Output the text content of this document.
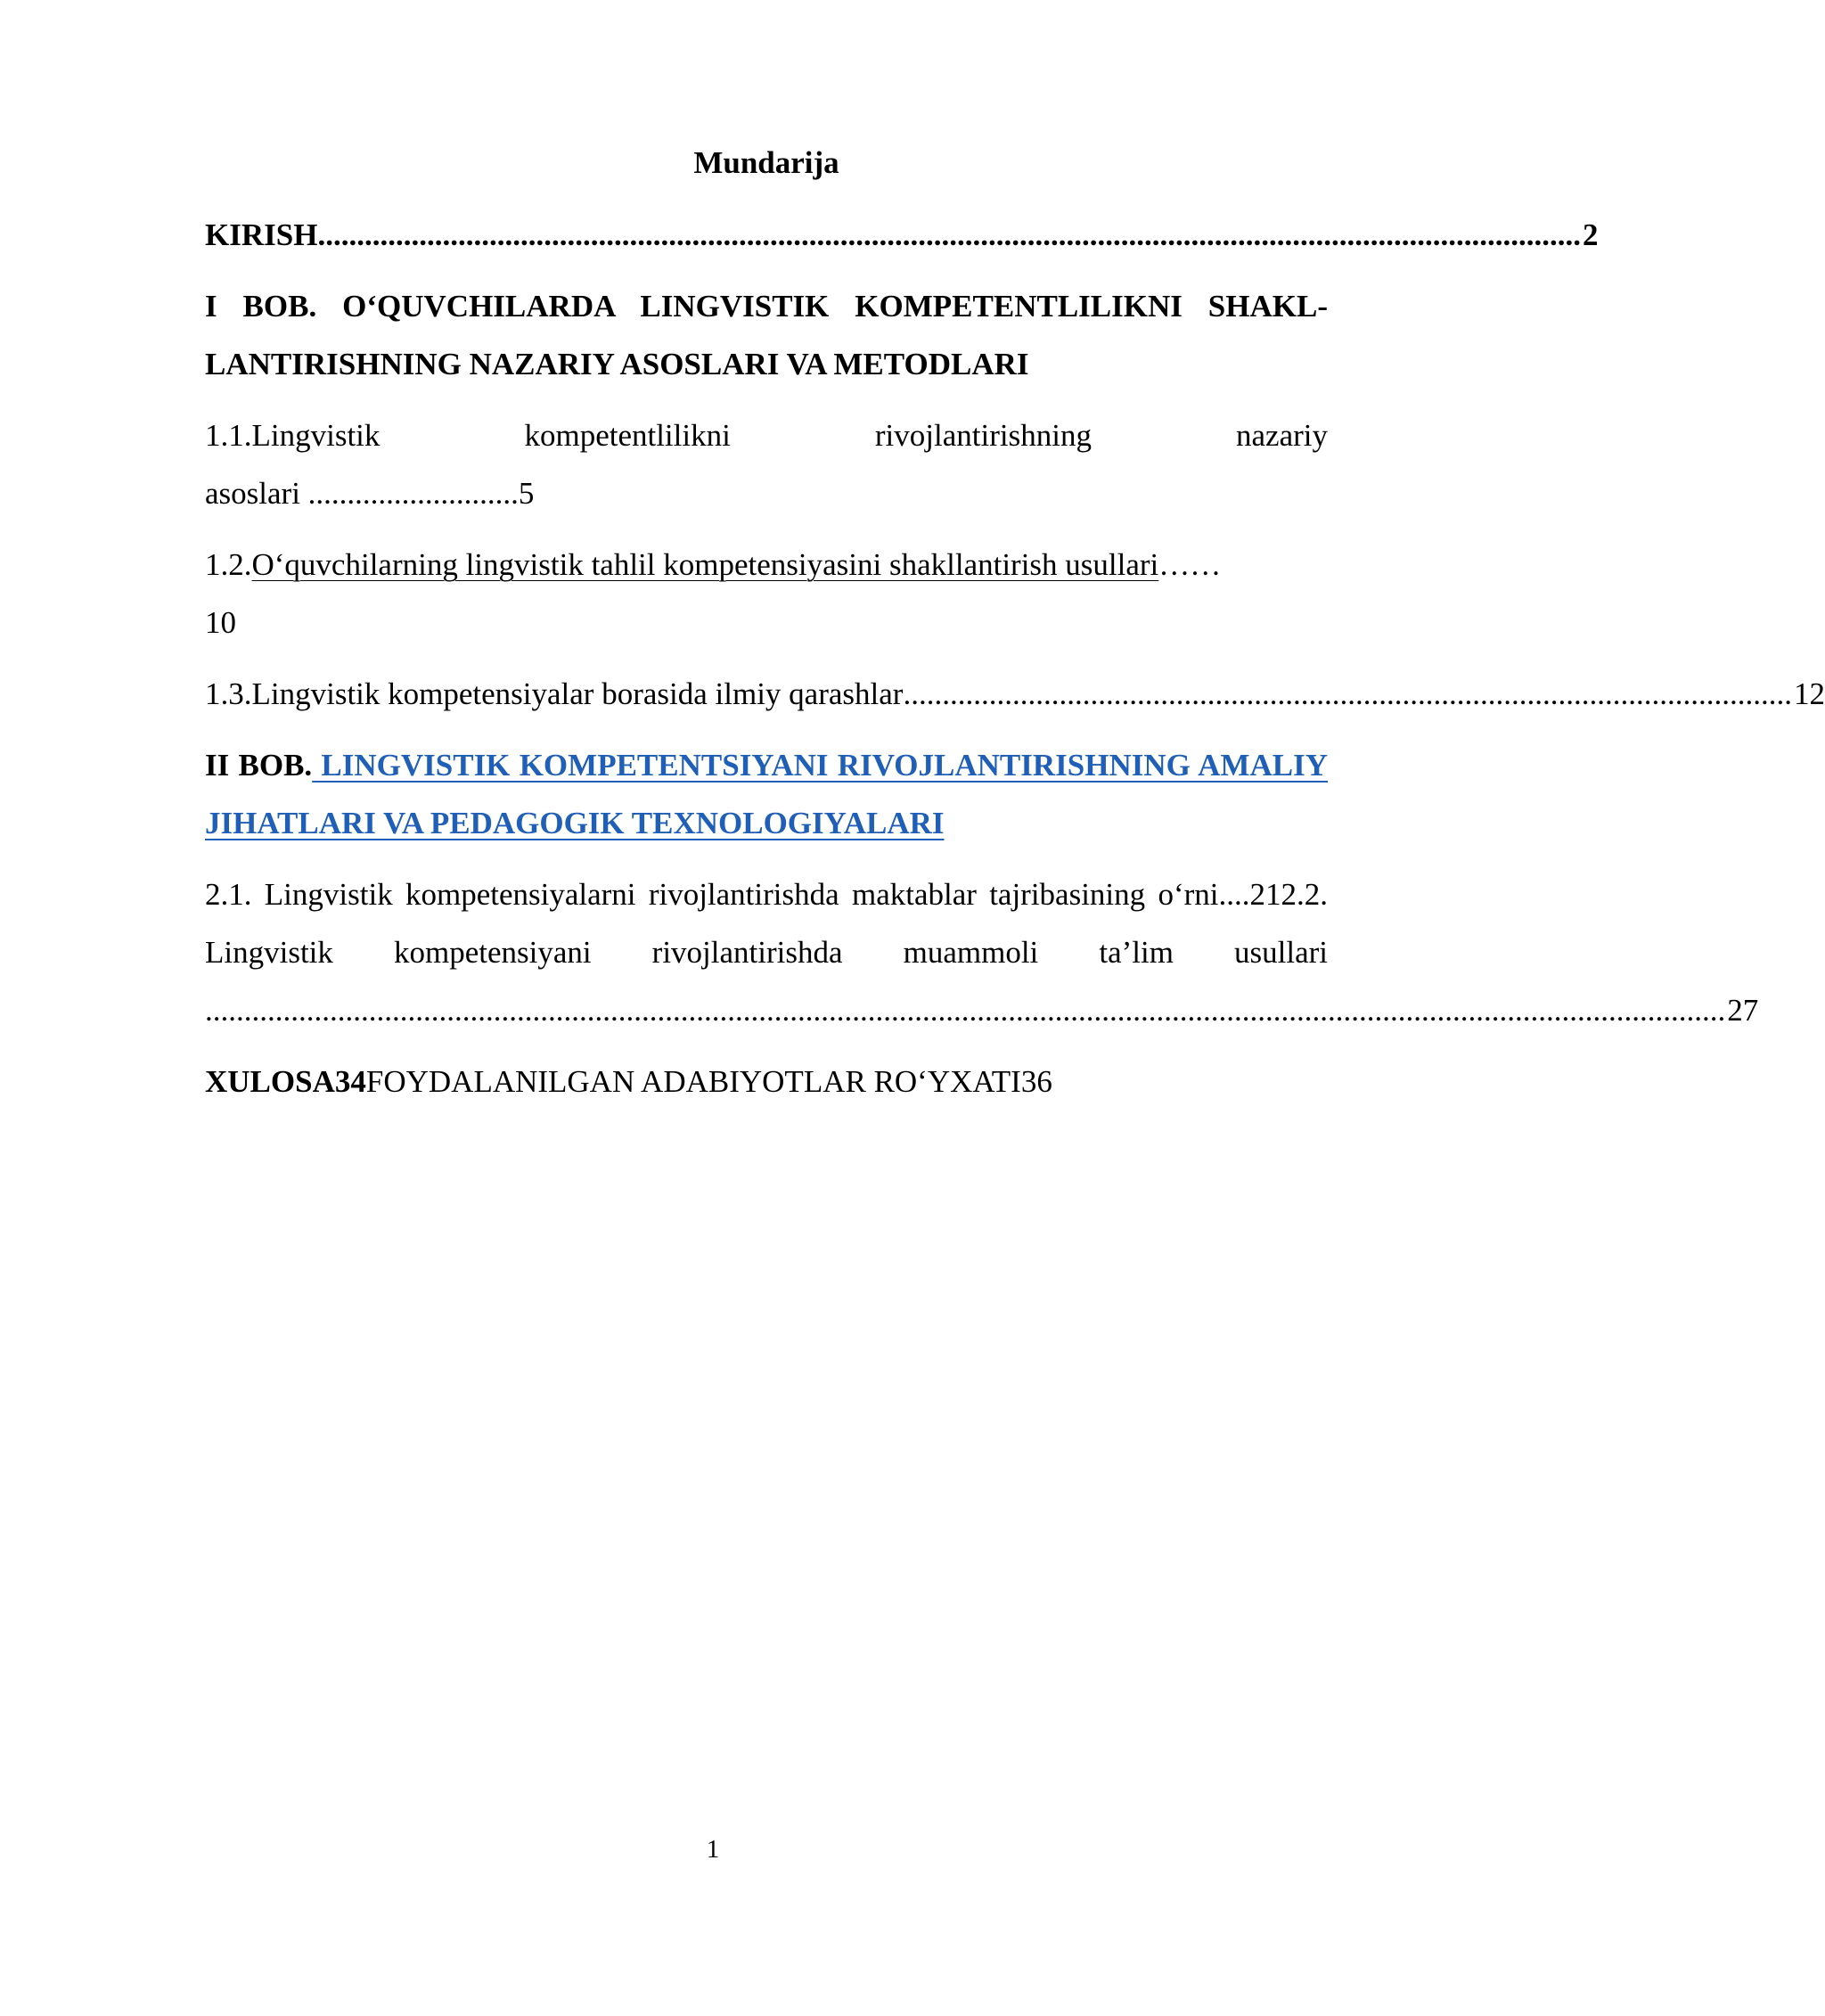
Mundarija
KIRISH .................................................................................................................................................................. 2
I BOB. O‘QUVCHILARDA LINGVISTIK KOMPETENTLILIKNI SHAKL-LANTIRISHNING NAZARIY ASOSLARI VA METODLARI
1.1.Lingvistik kompetentlilikni rivojlantirishning nazariy
asoslari ...........................5
1.2. O‘quvchilarning lingvistik tahlil kompetensiyasini shakllantirish usullari ……
10
1.3.Lingvistik kompetensiyalar borasida ilmiy qarashlar .................................................................................................................. 12
II BOB. LINGVISTIK KOMPETENTSIYANI RIVOJLANTIRISHNING AMALIY JIHATLARI VA PEDAGOGIK TEXNOLOGIYALARI
2.1. Lingvistik kompetensiyalarni rivojlantirishda maktablar tajribasining o‘rni....212.2. Lingvistik kompetensiyani rivojlantirishda muammoli ta’lim usullari
................................................................................................................................................................................................... 27
XULOSA34FOYDALANILGAN ADABIYOTLAR RO‘YXATI36
1
